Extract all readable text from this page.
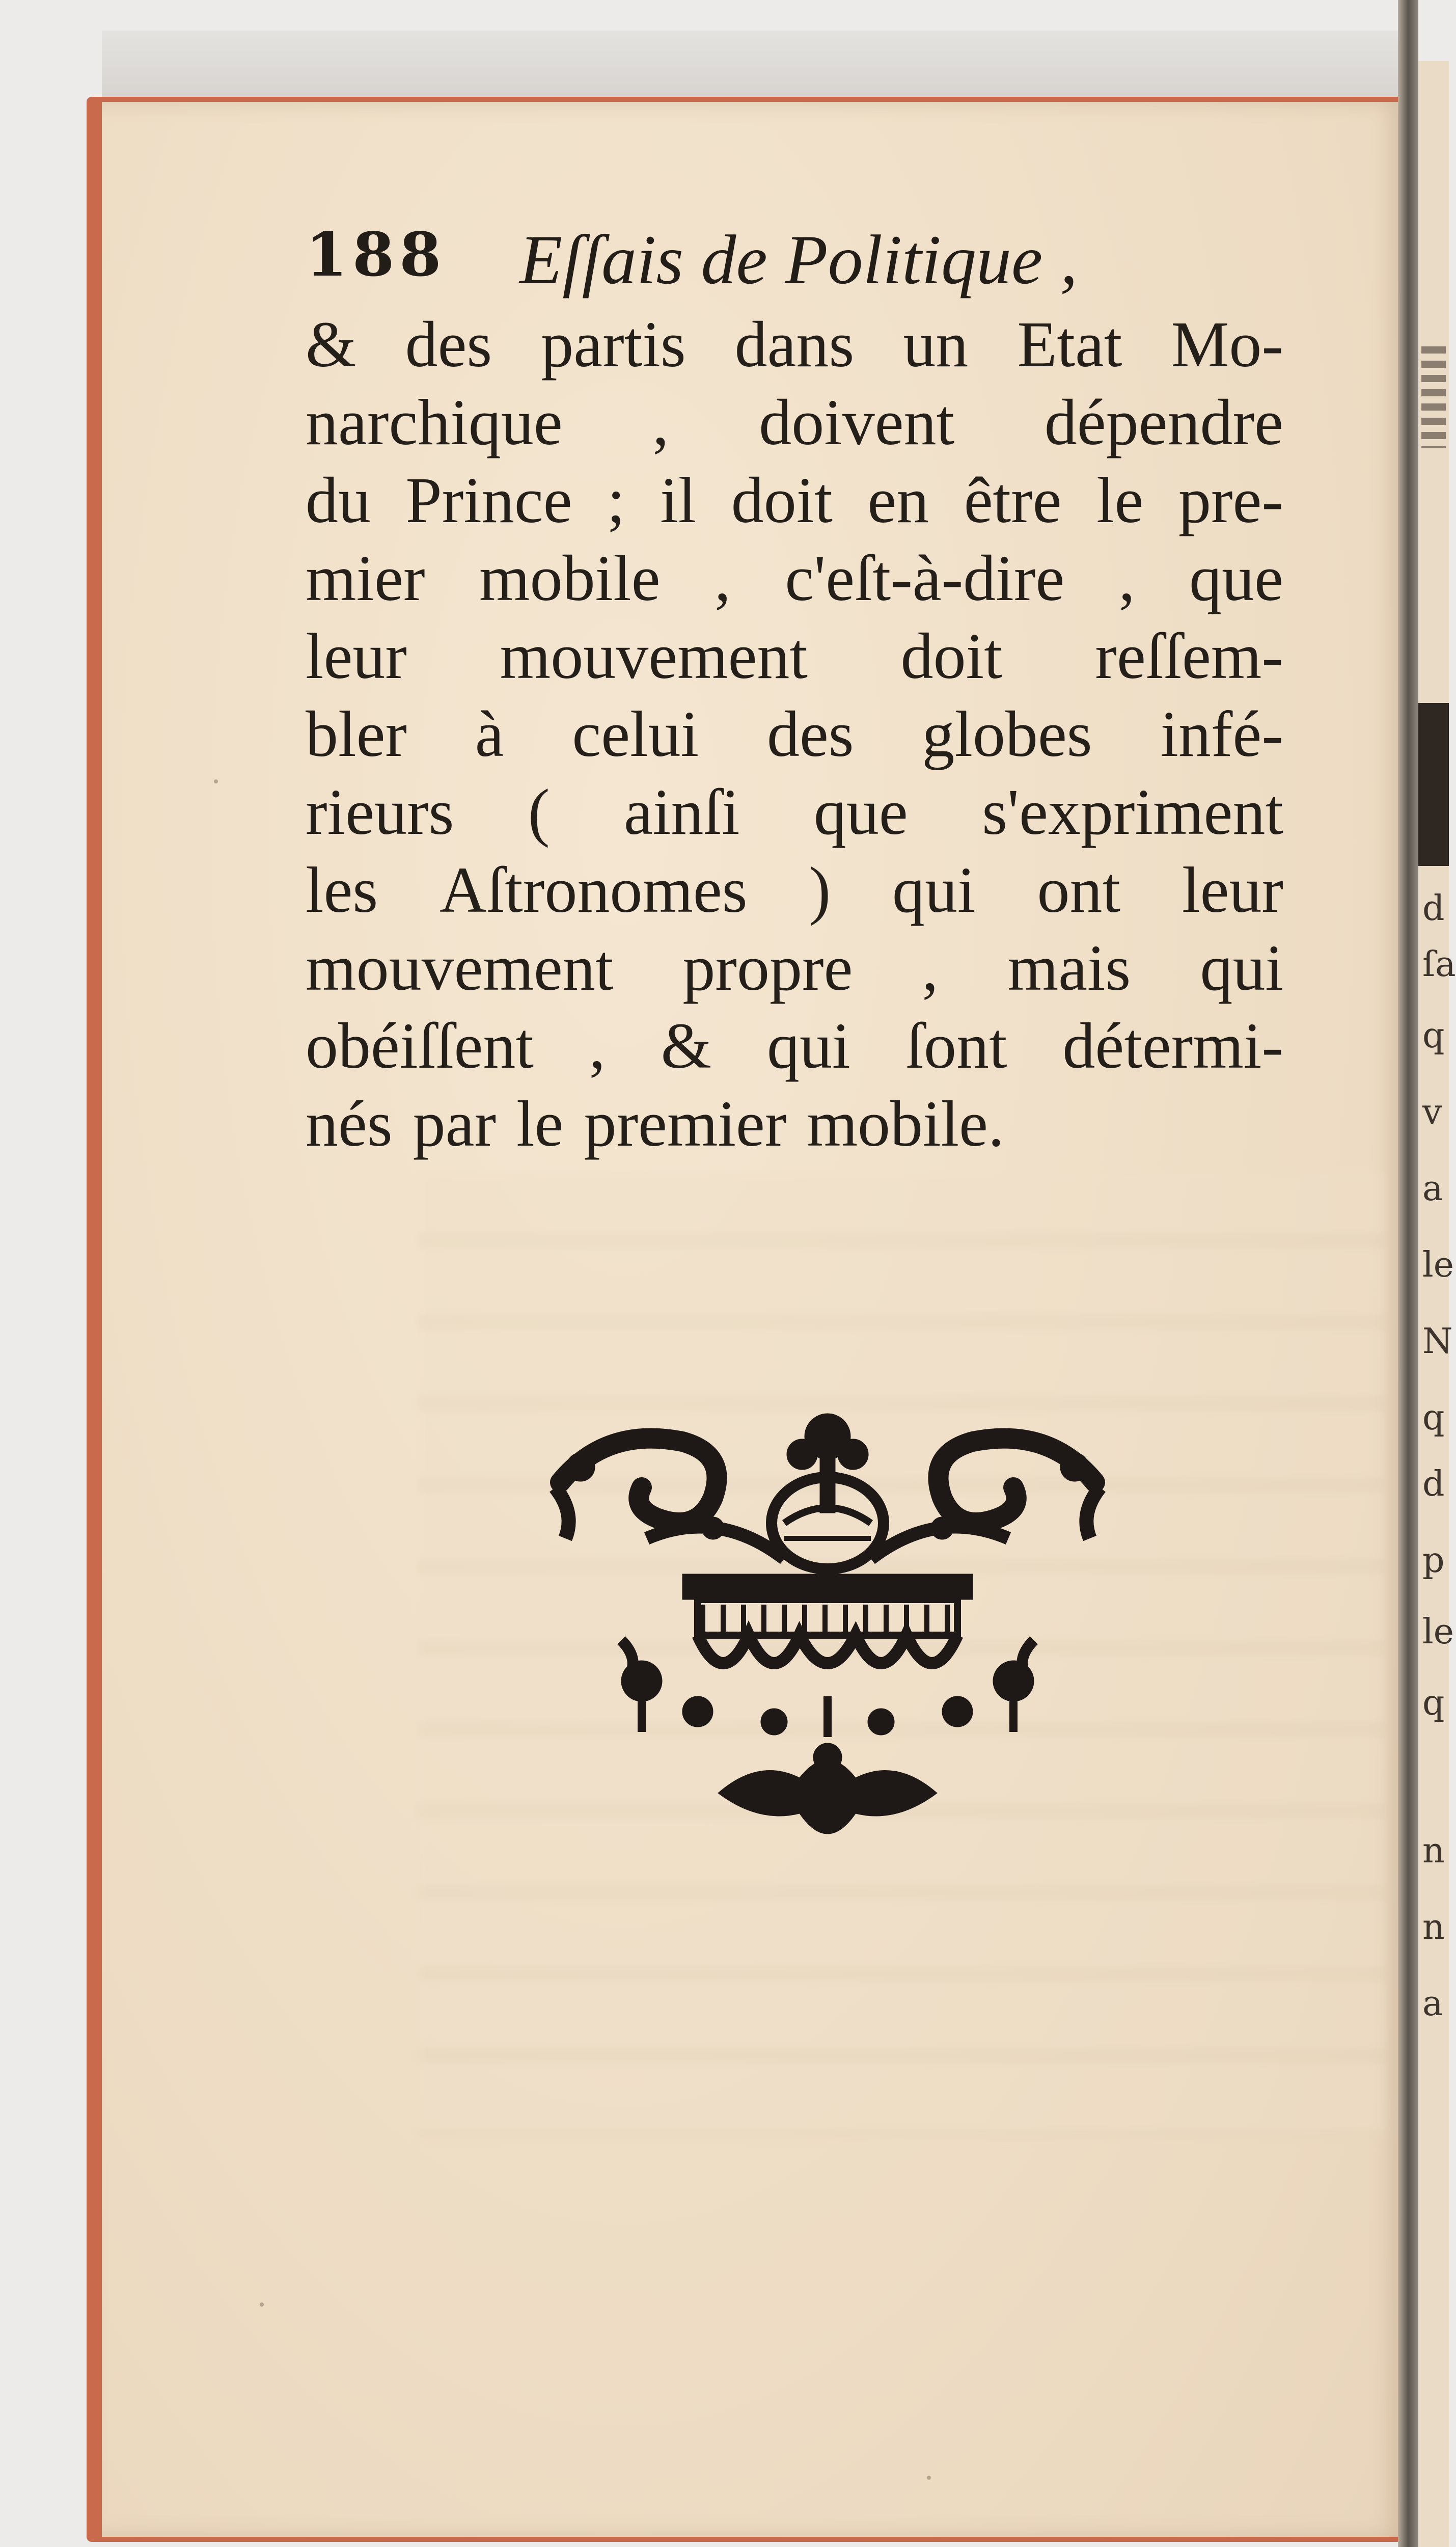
d
ſa
q
v
a
le
N
q
d
p
le
q
n
n
a
188 Eſſais de Politique ,
& des partis dans un Etat Mo-
narchique , doivent dépendre
du Prince ; il doit en être le pre-
mier mobile , c'eſt-à-dire , que
leur mouvement doit reſſem-
bler à celui des globes infé-
rieurs ( ainſi que s'expriment
les Aſtronomes ) qui ont leur
mouvement propre , mais qui
obéiſſent , & qui ſont détermi-
nés par le premier mobile.
